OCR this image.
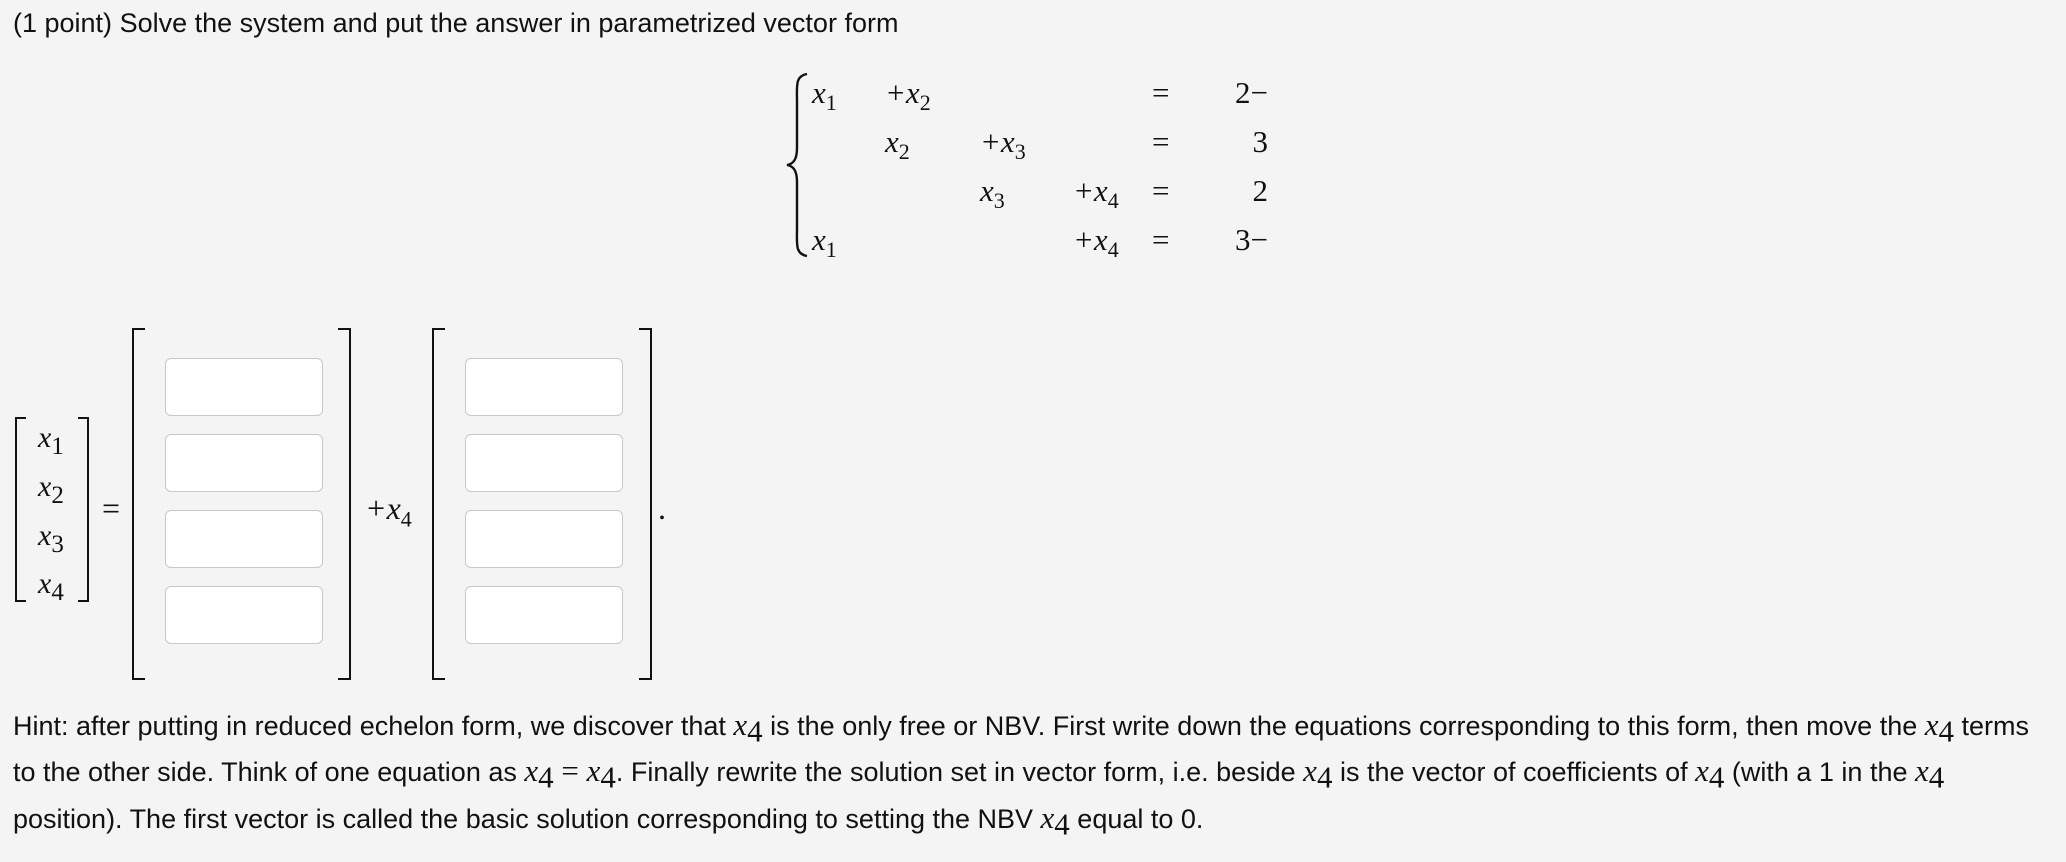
(1 point) Solve the system and put the answer in parametrized vector form
$x_1 +x_2$	= −2
$x_2 +x_3$	=	3
$x_3 +x_4$ =	2
$x_1$	$+x_4 = -3$
$x_1$
$x_2$
$x_3$
$x_4$
=	$+x_4$	.
Hint: after putting in reduced echelon form, we discover that $x_4$ is the only free or NBV. First write down the equations corresponding to this form, then move the $x_4$ terms to the other side. Think of one equation as $x_4 = x_4$. Finally rewrite the solution set in vector form, i.e. beside $x_4$ is the vector of coefficients of $x_4$ (with a 1 in the $x_4$ position). The first vector is called the basic solution corresponding to setting the NBV $x_4$ equal to 0.
